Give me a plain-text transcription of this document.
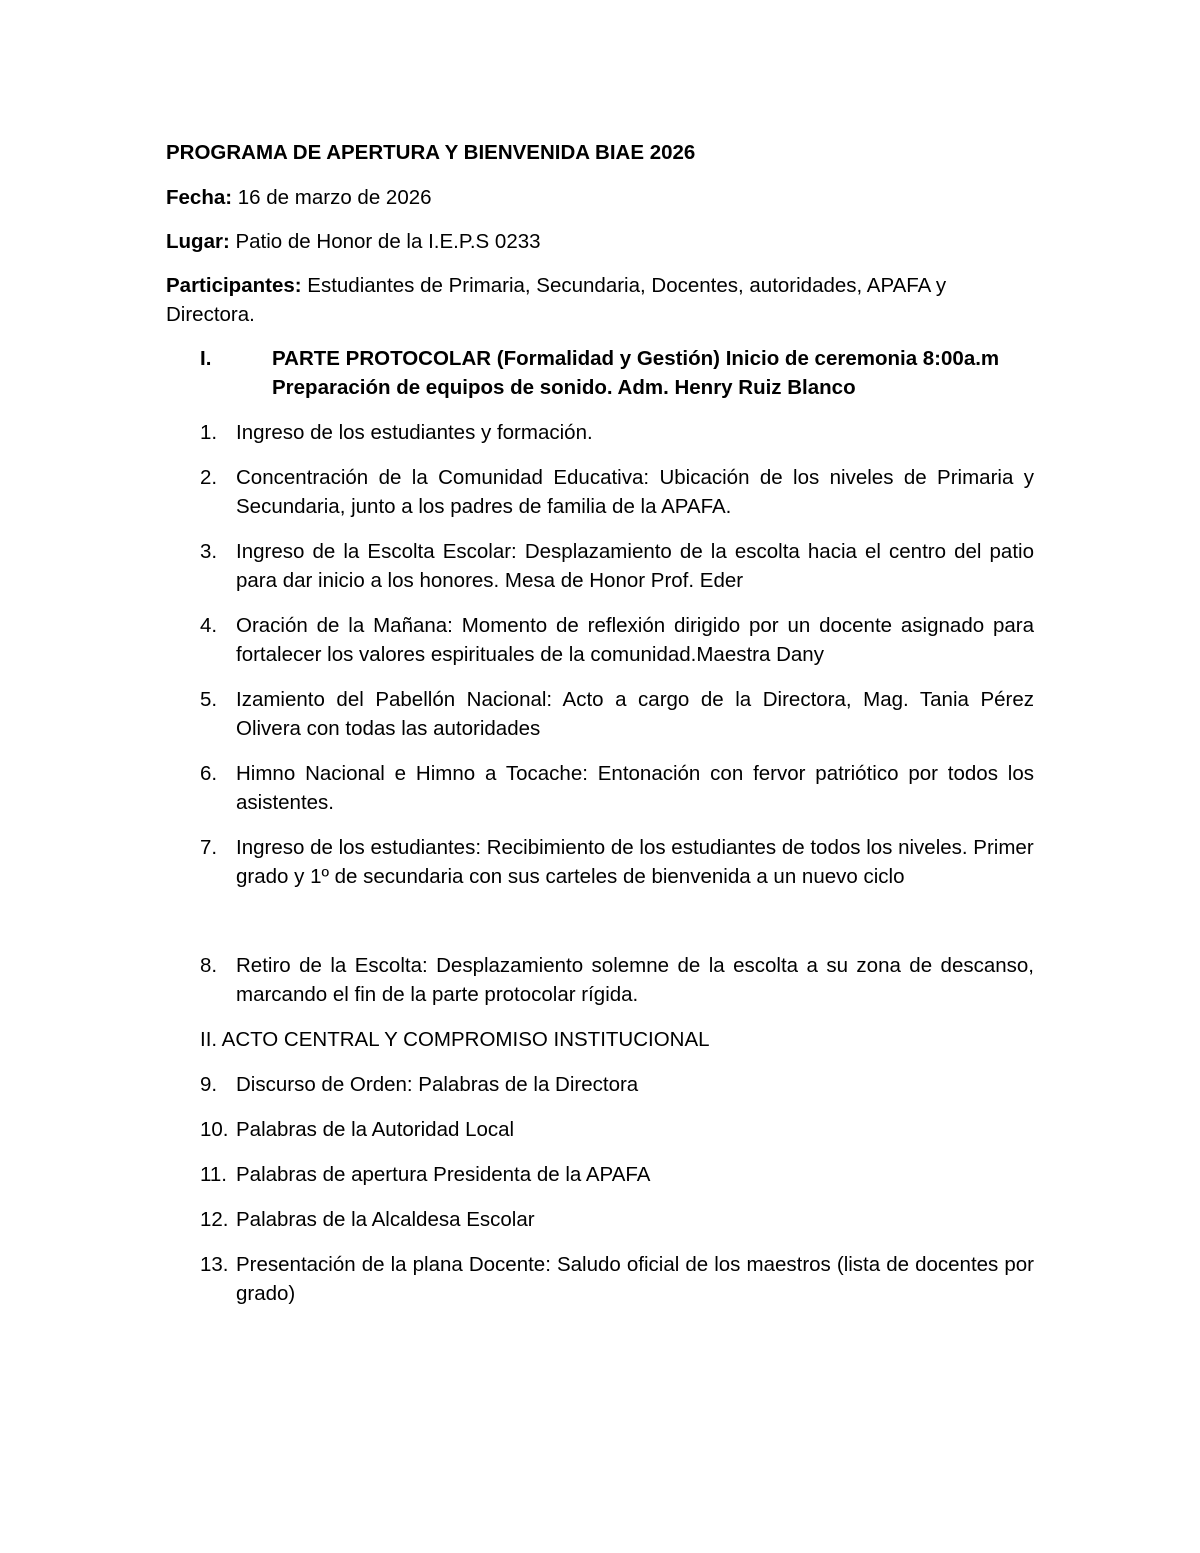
PROGRAMA DE APERTURA Y BIENVENIDA BIAE 2026
Fecha: 16 de marzo de 2026
Lugar: Patio de Honor de la I.E.P.S 0233
Participantes: Estudiantes de Primaria, Secundaria, Docentes, autoridades, APAFA y Directora.
I.	PARTE PROTOCOLAR (Formalidad y Gestión) Inicio de ceremonia 8:00a.m
Preparación de equipos de sonido. Adm. Henry Ruiz Blanco
1. Ingreso de los estudiantes y formación.
2. Concentración de la Comunidad Educativa: Ubicación de los niveles de Primaria y Secundaria, junto a los padres de familia de la APAFA.
3. Ingreso de la Escolta Escolar: Desplazamiento de la escolta hacia el centro del patio para dar inicio a los honores. Mesa de Honor Prof. Eder
4. Oración de la Mañana: Momento de reflexión dirigido por un docente asignado para fortalecer los valores espirituales de la comunidad.Maestra Dany
5. Izamiento del Pabellón Nacional: Acto a cargo de la Directora, Mag. Tania Pérez Olivera con todas las autoridades
6. Himno Nacional e Himno a Tocache: Entonación con fervor patriótico por todos los asistentes.
7. Ingreso de los estudiantes: Recibimiento de los estudiantes de todos los niveles. Primer grado y 1º de secundaria con sus carteles de bienvenida a un nuevo ciclo
8. Retiro de la Escolta: Desplazamiento solemne de la escolta a su zona de descanso, marcando el fin de la parte protocolar rígida.
II. ACTO CENTRAL Y COMPROMISO INSTITUCIONAL
9. Discurso de Orden: Palabras de la Directora
10. Palabras de la Autoridad Local
11. Palabras de apertura Presidenta de la APAFA
12. Palabras de la Alcaldesa Escolar
13. Presentación de la plana Docente: Saludo oficial de los maestros (lista de docentes por grado)
